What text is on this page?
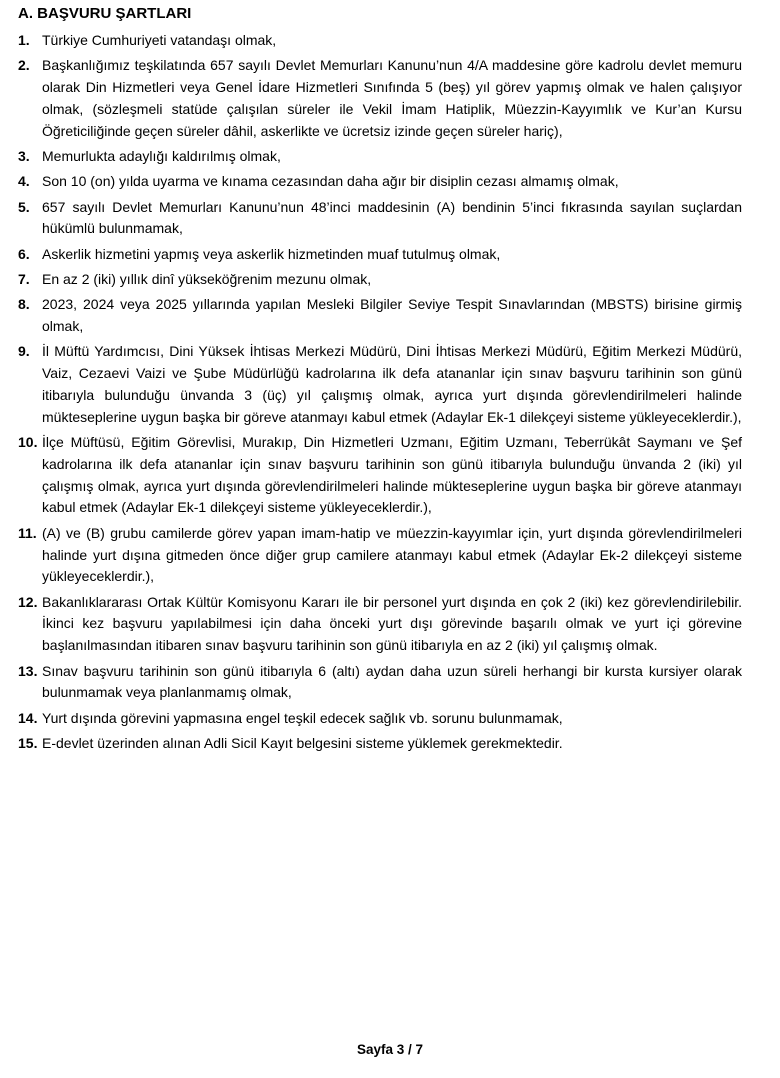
A. BAŞVURU ŞARTLARI
1. Türkiye Cumhuriyeti vatandaşı olmak,
2. Başkanlığımız teşkilatında 657 sayılı Devlet Memurları Kanunu’nun 4/A maddesine göre kadrolu devlet memuru olarak Din Hizmetleri veya Genel İdare Hizmetleri Sınıfında 5 (beş) yıl görev yapmış olmak ve halen çalışıyor olmak, (sözleşmeli statüde çalışılan süreler ile Vekil İmam Hatiplik, Müezzin-Kayyımlık ve Kur’an Kursu Öğreticiliğinde geçen süreler dâhil, askerlikte ve ücretsiz izinde geçen süreler hariç),
3. Memurlukta adaylığı kaldırılmış olmak,
4. Son 10 (on) yılda uyarma ve kınama cezasından daha ağır bir disiplin cezası almamış olmak,
5. 657 sayılı Devlet Memurları Kanunu’nun 48’inci maddesinin (A) bendinin 5’inci fıkrasında sayılan suçlardan hükümlü bulunmamak,
6. Askerlik hizmetini yapmış veya askerlik hizmetinden muaf tutulmuş olmak,
7. En az 2 (iki) yıllık dinî yükseköğrenim mezunu olmak,
8. 2023, 2024 veya 2025 yıllarında yapılan Mesleki Bilgiler Seviye Tespit Sınavlarından (MBSTS) birisine girmiş olmak,
9. İl Müftü Yardımcısı, Dini Yüksek İhtisas Merkezi Müdürü, Dini İhtisas Merkezi Müdürü, Eğitim Merkezi Müdürü, Vaiz, Cezaevi Vaizi ve Şube Müdürlüğü kadrolarına ilk defa atananlar için sınav başvuru tarihinin son günü itibarıyla bulunduğu ünvanda 3 (üç) yıl çalışmış olmak, ayrıca yurt dışında görevlendirilmeleri halinde mükteseplerine uygun başka bir göreve atanmayı kabul etmek (Adaylar Ek-1 dilekçeyi sisteme yükleyeceklerdir.),
10. İlçe Müftüsü, Eğitim Görevlisi, Murakıp, Din Hizmetleri Uzmanı, Eğitim Uzmanı, Teberrükât Saymanı ve Şef kadrolarına ilk defa atananlar için sınav başvuru tarihinin son günü itibarıyla bulunduğu ünvanda 2 (iki) yıl çalışmış olmak, ayrıca yurt dışında görevlendirilmeleri halinde mükteseplerine uygun başka bir göreve atanmayı kabul etmek (Adaylar Ek-1 dilekçeyi sisteme yükleyeceklerdir.),
11. (A) ve (B) grubu camilerde görev yapan imam-hatip ve müezzin-kayyımlar için, yurt dışında görevlendirilmeleri halinde yurt dışına gitmeden önce diğer grup camilere atanmayı kabul etmek (Adaylar Ek-2 dilekçeyi sisteme yükleyeceklerdir.),
12. Bakanlıklararası Ortak Kültür Komisyonu Kararı ile bir personel yurt dışında en çok 2 (iki) kez görevlendirilebilir. İkinci kez başvuru yapılabilmesi için daha önceki yurt dışı görevinde başarılı olmak ve yurt içi görevine başlanılmasından itibaren sınav başvuru tarihinin son günü itibarıyla en az 2 (iki) yıl çalışmış olmak.
13. Sınav başvuru tarihinin son günü itibarıyla 6 (altı) aydan daha uzun süreli herhangi bir kursta kursiyer olarak bulunmamak veya planlanmamış olmak,
14. Yurt dışında görevini yapmasına engel teşkil edecek sağlık vb. sorunu bulunmamak,
15. E-devlet üzerinden alınan Adli Sicil Kayıt belgesini sisteme yüklemek gerekmektedir.
Sayfa 3 / 7
